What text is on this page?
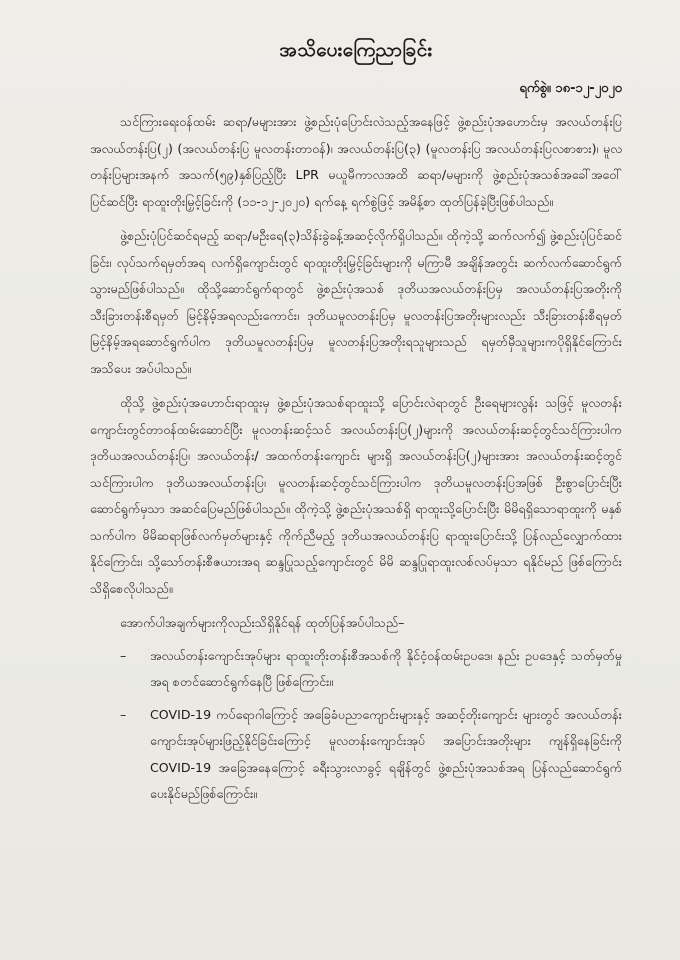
အသိပေးကြေညာခြင်း
ရက်စွဲ။ ၁၈-၁၂-၂၀၂၀

သင်ကြားရေးဝန်ထမ်း ဆရာ/မများအား ဖွဲ့စည်းပုံပြောင်းလဲသည့်အနေဖြင့် ဖွဲ့စည်းပုံအဟောင်းမှ အလယ်တန်းပြ အလယ်တန်းပြ(၂) (အလယ်တန်းပြ မူလတန်းတာဝန်)၊ အလယ်တန်းပြ(၃) (မူလတန်းပြ အလယ်တန်းပြလစာစား)၊ မူလတန်းပြများအနက် အသက်(၅၉)နှစ်ပြည့်ပြီး LPR မယူမီကာလအထိ ဆရာ/မများကို ဖွဲ့စည်းပုံအသစ်အခေါ်အဝေါ်ပြင်ဆင်ပြီး ရာထူးတိုးမြှင့်ခြင်းကို (၁၁-၁၂-၂၀၂၀) ရက်နေ့ ရက်စွဲဖြင့် အမိန့်စာ ထုတ်ပြန်ခဲ့ပြီးဖြစ်ပါသည်။

ဖွဲ့စည်းပုံပြင်ဆင်ရမည့် ဆရာ/မဦးရေ(၃)သိန်းခွဲခန့်အဆင့်လိုက်ရှိပါသည်။ ထိုကဲ့သို့ ဆက်လက်၍ ဖွဲ့စည်းပုံပြင်ဆင်ခြင်း၊ လုပ်သက်ရမှတ်အရ လက်ရှိကျောင်းတွင် ရာထူးတိုးမြှင့်ခြင်းများကို မကြာမီ အချိန်အတွင်း ဆက်လက်ဆောင်ရွက်သွားမည်ဖြစ်ပါသည်။ ထိုသို့ဆောင်ရွက်ရာတွင် ဖွဲ့စည်းပုံအသစ် ဒုတိယအလယ်တန်းပြမှ အလယ်တန်းပြအတိုးကို သီးခြားတန်းစီရမှတ် မြင့်နိမ့်အရလည်းကောင်း၊ ဒုတိယမူလတန်းပြမှ မူလတန်းပြအတိုးများလည်း သီးခြားတန်းစီရမှတ်မြင့်နိမ့်အရဆောင်ရွက်ပါက ဒုတိယမူလတန်းပြမှ မူလတန်းပြအတိုးရသူများသည် ရမှတ်မှီသူများကပိုရှိနိုင်ကြောင်း အသိပေး အပ်ပါသည်။

ထိုသို့ ဖွဲ့စည်းပုံအဟောင်းရာထူးမှ ဖွဲ့စည်းပုံအသစ်ရာထူးသို့ ပြောင်းလဲရာတွင် ဦးရေများလွန်း သဖြင့် မူလတန်းကျောင်းတွင်တာဝန်ထမ်းဆောင်ပြီး မူလတန်းဆင့်သင် အလယ်တန်းပြ(၂)များကို အလယ်တန်းဆင့်တွင်သင်ကြားပါက ဒုတိယအလယ်တန်းပြ၊ အလယ်တန်း/ အထက်တန်းကျောင်း များရှိ အလယ်တန်းပြ(၂)များအား အလယ်တန်းဆင့်တွင်သင်ကြားပါက ဒုတိယအလယ်တန်းပြ၊ မူလတန်းဆင့်တွင်သင်ကြားပါက ဒုတိယမူလတန်းပြအဖြစ် ဦးစွာပြောင်းပြီး ဆောင်ရွက်မှသာ အဆင်ပြေမည်ဖြစ်ပါသည်။ ထိုကဲ့သို့ ဖွဲ့စည်းပုံအသစ်ရှိ ရာထူးသို့ပြောင်းပြီး မိမိရရှိသောရာထူးကို မနှစ်သက်ပါက မိမိဆရာဖြစ်လက်မှတ်များနှင့် ကိုက်ညီမည့် ဒုတိယအလယ်တန်းပြ ရာထူးပြောင်းသို့ ပြန်လည်လျှောက်ထားနိုင်ကြောင်း၊ သို့သော်တန်းစီဇယားအရ ဆန္ဒပြုသည့်ကျောင်းတွင် မိမိ ဆန္ဒပြုရာထူးလစ်လပ်မှသာ ရနိုင်မည် ဖြစ်ကြောင်း သိရှိစေလိုပါသည်။

အောက်ပါအချက်များကိုလည်းသိရှိနိုင်ရန် ထုတ်ပြန်အပ်ပါသည်–

–	အလယ်တန်းကျောင်းအုပ်များ ရာထူးတိုးတန်းစီအသစ်ကို နိုင်ငံ့ဝန်ထမ်းဥပဒေ၊ နည်း ဥပဒေနှင့် သတ်မှတ်မှုအရ စတင်ဆောင်ရွက်နေပြီ ဖြစ်ကြောင်း။
–	COVID-19 ကပ်ရောဂါကြောင့် အခြေခံပညာကျောင်းများနှင့် အဆင့်တိုးကျောင်း များတွင် အလယ်တန်းကျောင်းအုပ်များဖြည့်နိုင်ခြင်းကြောင့် မူလတန်းကျောင်းအုပ် အပြောင်းအတိုးများ ကျန်ရှိနေခြင်းကို COVID-19 အခြေအနေကြောင့် ခရီးသွားလာခွင့် ရချိန်တွင် ဖွဲ့စည်းပုံအသစ်အရ ပြန်လည်ဆောင်ရွက်ပေးနိုင်မည်ဖြစ်ကြောင်း။
